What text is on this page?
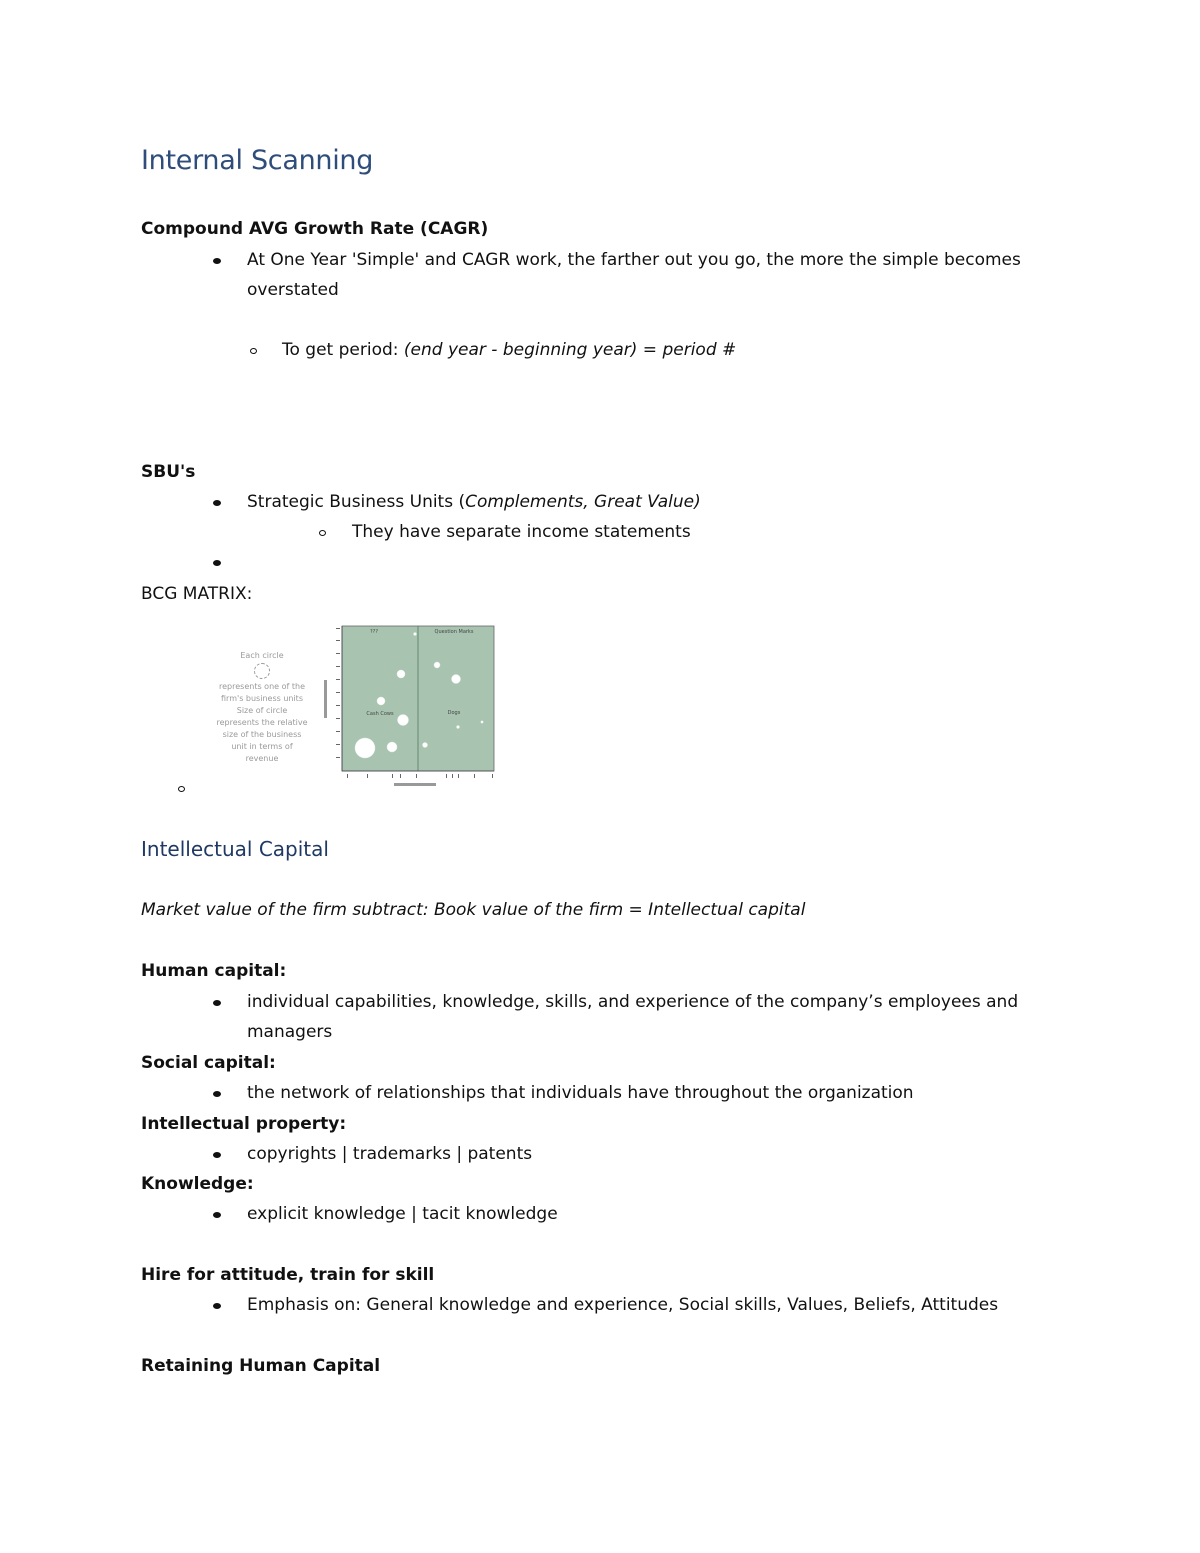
Internal Scanning
Compound AVG Growth Rate (CAGR)
At One Year 'Simple' and CAGR work, the farther out you go, the more the simple becomes
overstated
To get period: (end year - beginning year) = period #
SBU's
Strategic Business Units (Complements, Great Value)
They have separate income statements
BCG MATRIX:
Each circle
represents one of the
firm's business units
Size of circle
represents the relative
size of the business
unit in terms of
revenue
???	Question Marks
Cash Cows	Dogs
Intellectual Capital
Market value of the firm subtract: Book value of the firm = Intellectual capital
Human capital:
individual capabilities, knowledge, skills, and experience of the company’s employees and
managers
Social capital:
the network of relationships that individuals have throughout the organization
Intellectual property:
copyrights | trademarks | patents
Knowledge:
explicit knowledge | tacit knowledge
Hire for attitude, train for skill
Emphasis on: General knowledge and experience, Social skills, Values, Beliefs, Attitudes
Retaining Human Capital
